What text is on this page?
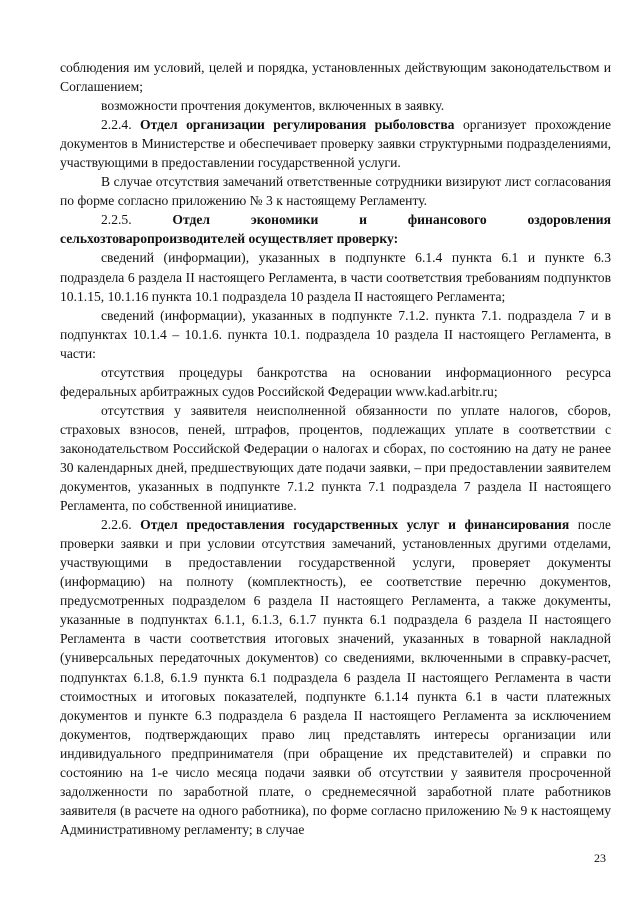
соблюдения им условий, целей и порядка, установленных действующим законодательством и Соглашением;

возможности прочтения документов, включенных в заявку.

2.2.4. Отдел организации регулирования рыболовства организует прохождение документов в Министерстве и обеспечивает проверку заявки структурными подразделениями, участвующими в предоставлении государственной услуги.

В случае отсутствия замечаний ответственные сотрудники визируют лист согласования по форме согласно приложению № 3 к настоящему Регламенту.

2.2.5. Отдел экономики и финансового оздоровления сельхозтоваропроизводителей осуществляет проверку:

сведений (информации), указанных в подпункте 6.1.4 пункта 6.1 и пункте 6.3 подраздела 6 раздела II настоящего Регламента, в части соответствия требованиям подпунктов 10.1.15, 10.1.16 пункта 10.1 подраздела 10 раздела II настоящего Регламента;

сведений (информации), указанных в подпункте 7.1.2. пункта 7.1. подраздела 7 и в подпунктах 10.1.4 – 10.1.6. пункта 10.1. подраздела 10 раздела II настоящего Регламента, в части:

отсутствия процедуры банкротства на основании информационного ресурса федеральных арбитражных судов Российской Федерации www.kad.arbitr.ru;

отсутствия у заявителя неисполненной обязанности по уплате налогов, сборов, страховых взносов, пеней, штрафов, процентов, подлежащих уплате в соответствии с законодательством Российской Федерации о налогах и сборах, по состоянию на дату не ранее 30 календарных дней, предшествующих дате подачи заявки, – при предоставлении заявителем документов, указанных в подпункте 7.1.2 пункта 7.1 подраздела 7 раздела II настоящего Регламента, по собственной инициативе.

2.2.6. Отдел предоставления государственных услуг и финансирования после проверки заявки и при условии отсутствия замечаний, установленных другими отделами, участвующими в предоставлении государственной услуги, проверяет документы (информацию) на полноту (комплектность), ее соответствие перечню документов, предусмотренных подразделом 6 раздела II настоящего Регламента, а также документы, указанные в подпунктах 6.1.1, 6.1.3, 6.1.7 пункта 6.1 подраздела 6 раздела II настоящего Регламента в части соответствия итоговых значений, указанных в товарной накладной (универсальных передаточных документов) со сведениями, включенными в справку-расчет, подпунктах 6.1.8, 6.1.9 пункта 6.1 подраздела 6 раздела II настоящего Регламента в части стоимостных и итоговых показателей, подпункте 6.1.14 пункта 6.1 в части платежных документов и пункте 6.3 подраздела 6 раздела II настоящего Регламента за исключением документов, подтверждающих право лиц представлять интересы организации или индивидуального предпринимателя (при обращение их представителей) и справки по состоянию на 1-е число месяца подачи заявки об отсутствии у заявителя просроченной задолженности по заработной плате, о среднемесячной заработной плате работников заявителя (в расчете на одного работника), по форме согласно приложению № 9 к настоящему Административному регламенту; в случае

23
